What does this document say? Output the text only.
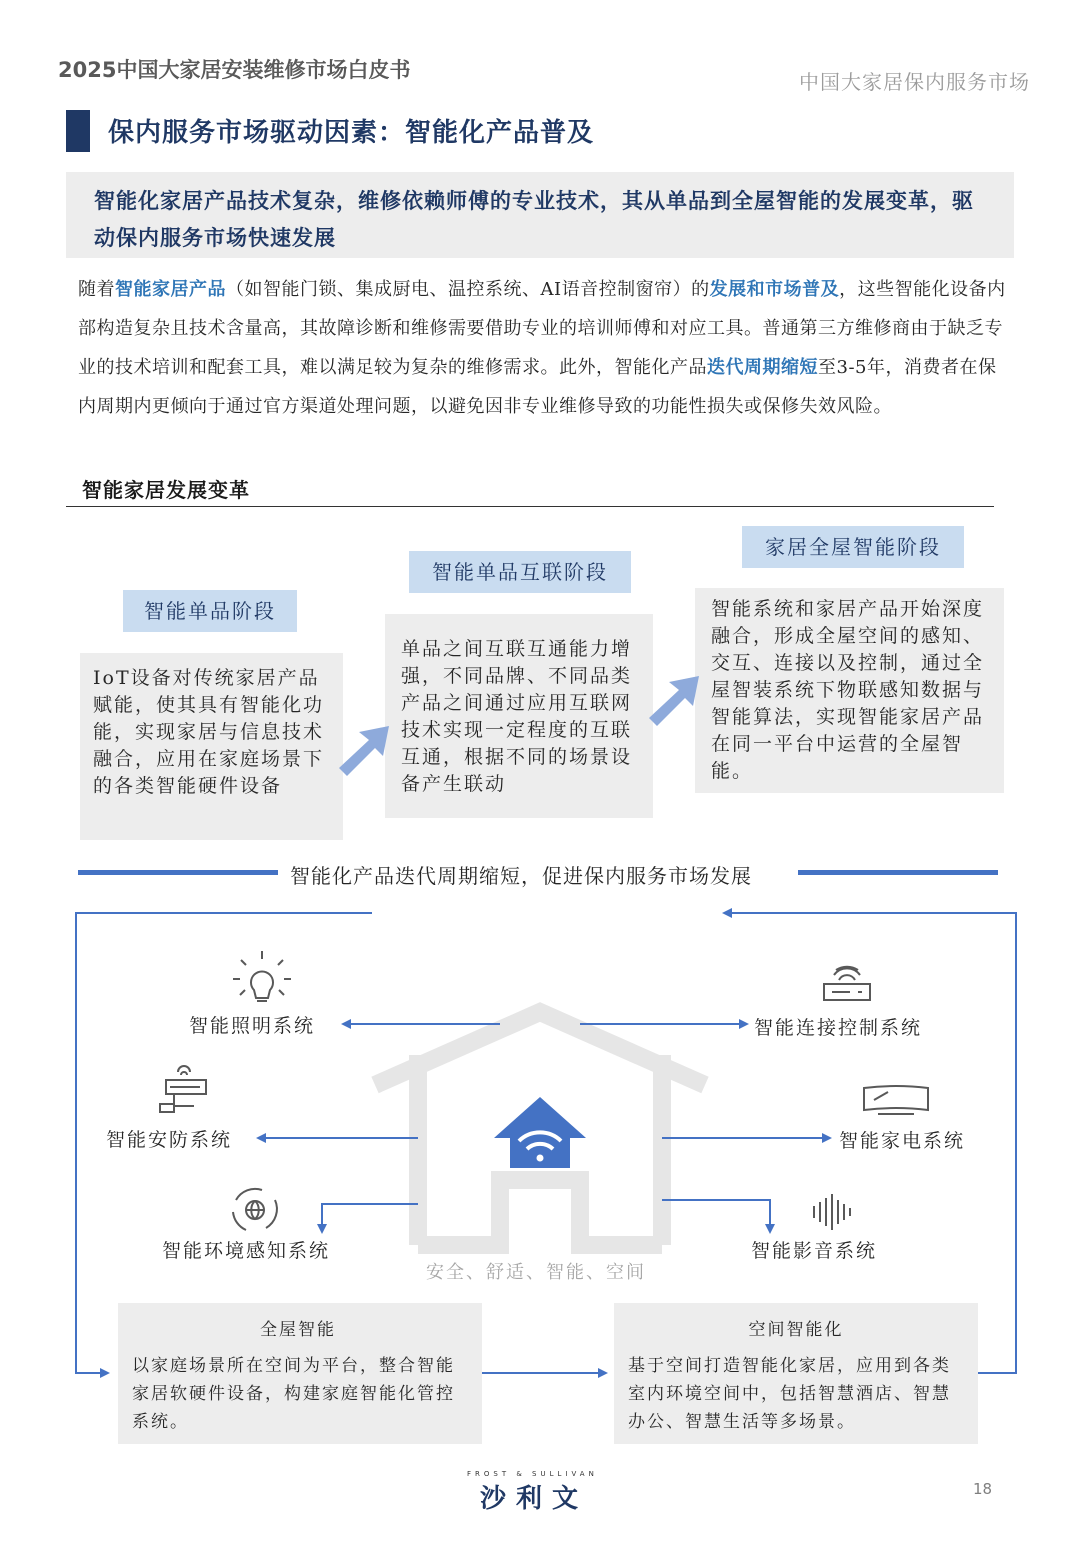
2025中国大家居安装维修市场白皮书	中国大家居保内服务市场
保内服务市场驱动因素：智能化产品普及
智能化家居产品技术复杂，维修依赖师傅的专业技术，其从单品到全屋智能的发展变革，驱动保内服务市场快速发展
随着智能家居产品（如智能门锁、集成厨电、温控系统、AI语音控制窗帘）的发展和市场普及，这些智能化设备内部构造复杂且技术含量高，其故障诊断和维修需要借助专业的培训师傅和对应工具。普通第三方维修商由于缺乏专业的技术培训和配套工具，难以满足较为复杂的维修需求。此外，智能化产品迭代周期缩短至3-5年，消费者在保内周期内更倾向于通过官方渠道处理问题，以避免因非专业维修导致的功能性损失或保修失效风险。
智能家居发展变革
智能单品阶段
IoT设备对传统家居产品赋能，使其具有智能化功能，实现家居与信息技术融合，应用在家庭场景下的各类智能硬件设备
智能单品互联阶段
单品之间互联互通能力增强，不同品牌、不同品类产品之间通过应用互联网技术实现一定程度的互联互通，根据不同的场景设备产生联动
家居全屋智能阶段
智能系统和家居产品开始深度融合，形成全屋空间的感知、交互、连接以及控制，通过全屋智装系统下物联感知数据与智能算法，实现智能家居产品在同一平台中运营的全屋智能。
智能化产品迭代周期缩短，促进保内服务市场发展
智能照明系统
智能安防系统
智能环境感知系统
智能连接控制系统
智能家电系统
智能影音系统
安全、舒适、智能、空间
全屋智能
以家庭场景所在空间为平台，整合智能家居软硬件设备，构建家庭智能化管控系统。
空间智能化
基于空间打造智能化家居，应用到各类室内环境空间中，包括智慧酒店、智慧办公、智慧生活等多场景。
FROST & SULLIVAN
沙利文	18
